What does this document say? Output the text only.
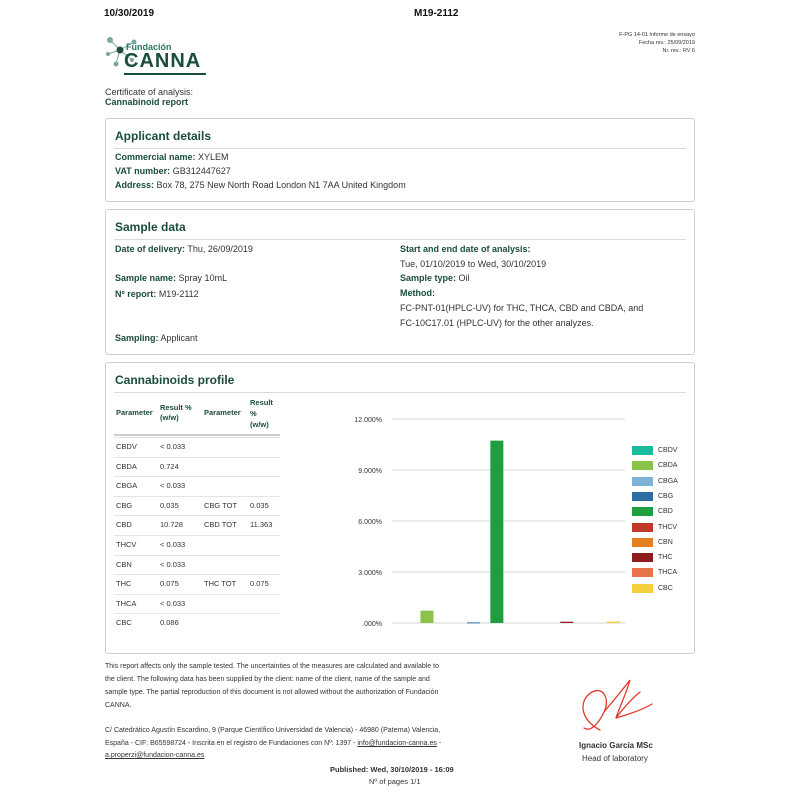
10/30/2019	M19-2112
Fundación
CANNA
F-PG 14-01 Informe de ensayo
Fecha rev.: 25/09/2019
Nr. rev.: RV 6
Certificate of analysis:
Cannabinoid report
Applicant details
Commercial name: XYLEM
VAT number: GB312447627
Address: Box 78, 275 New North Road London N1 7AA United Kingdom
Sample data
Date of delivery: Thu, 26/09/2019
Sample name: Spray 10mL
Nº report: M19-2112
Sampling: Applicant
Start and end date of analysis:
Tue, 01/10/2019 to Wed, 30/10/2019
Sample type: Oil
Method:
FC-PNT-01(HPLC-UV) for THC, THCA, CBD and CBDA, and
FC-10C17.01 (HPLC-UV) for the other analyzes.
Cannabinoids profile
Parameter
Result %
(w/w)
Parameter
Result
%
(w/w)
CBDV	< 0.033
CBDA	0.724
CBGA	< 0.033
CBG	0.035	CBG TOT 0.035
CBD	10.728	CBD TOT 11.363
THCV	< 0.033
CBN	< 0.033
THC	0.075	THC TOT 0.075
THCA	< 0.033
CBC	0.086	.000%
3.000%
6.000%
9.000%
12.000%
CBDV
CBDA
CBGA
CBG
CBD
THCV
CBN
THC
THCA
CBC
This report affects only the sample tested. The uncertainties of the measures are calculated and available to
the client. The following data has been supplied by the client: name of the client, name of the sample and
sample type. The partial reproduction of this document is not allowed without the authorization of Fundación
CANNA.
C/ Catedrático Agustín Escardino, 9 (Parque Científico Universidad de Valencia) - 46980 (Paterna) Valencia,
España - CIF: B65598724 - Inscrita en el registro de Fundaciones con Nº: 1397 - info@fundacion-canna.es -
a.properzi@fundacion-canna.es
Ignacio García MSc
Head of laboratory
Published: Wed, 30/10/2019 - 16:09
Nº of pages 1/1
